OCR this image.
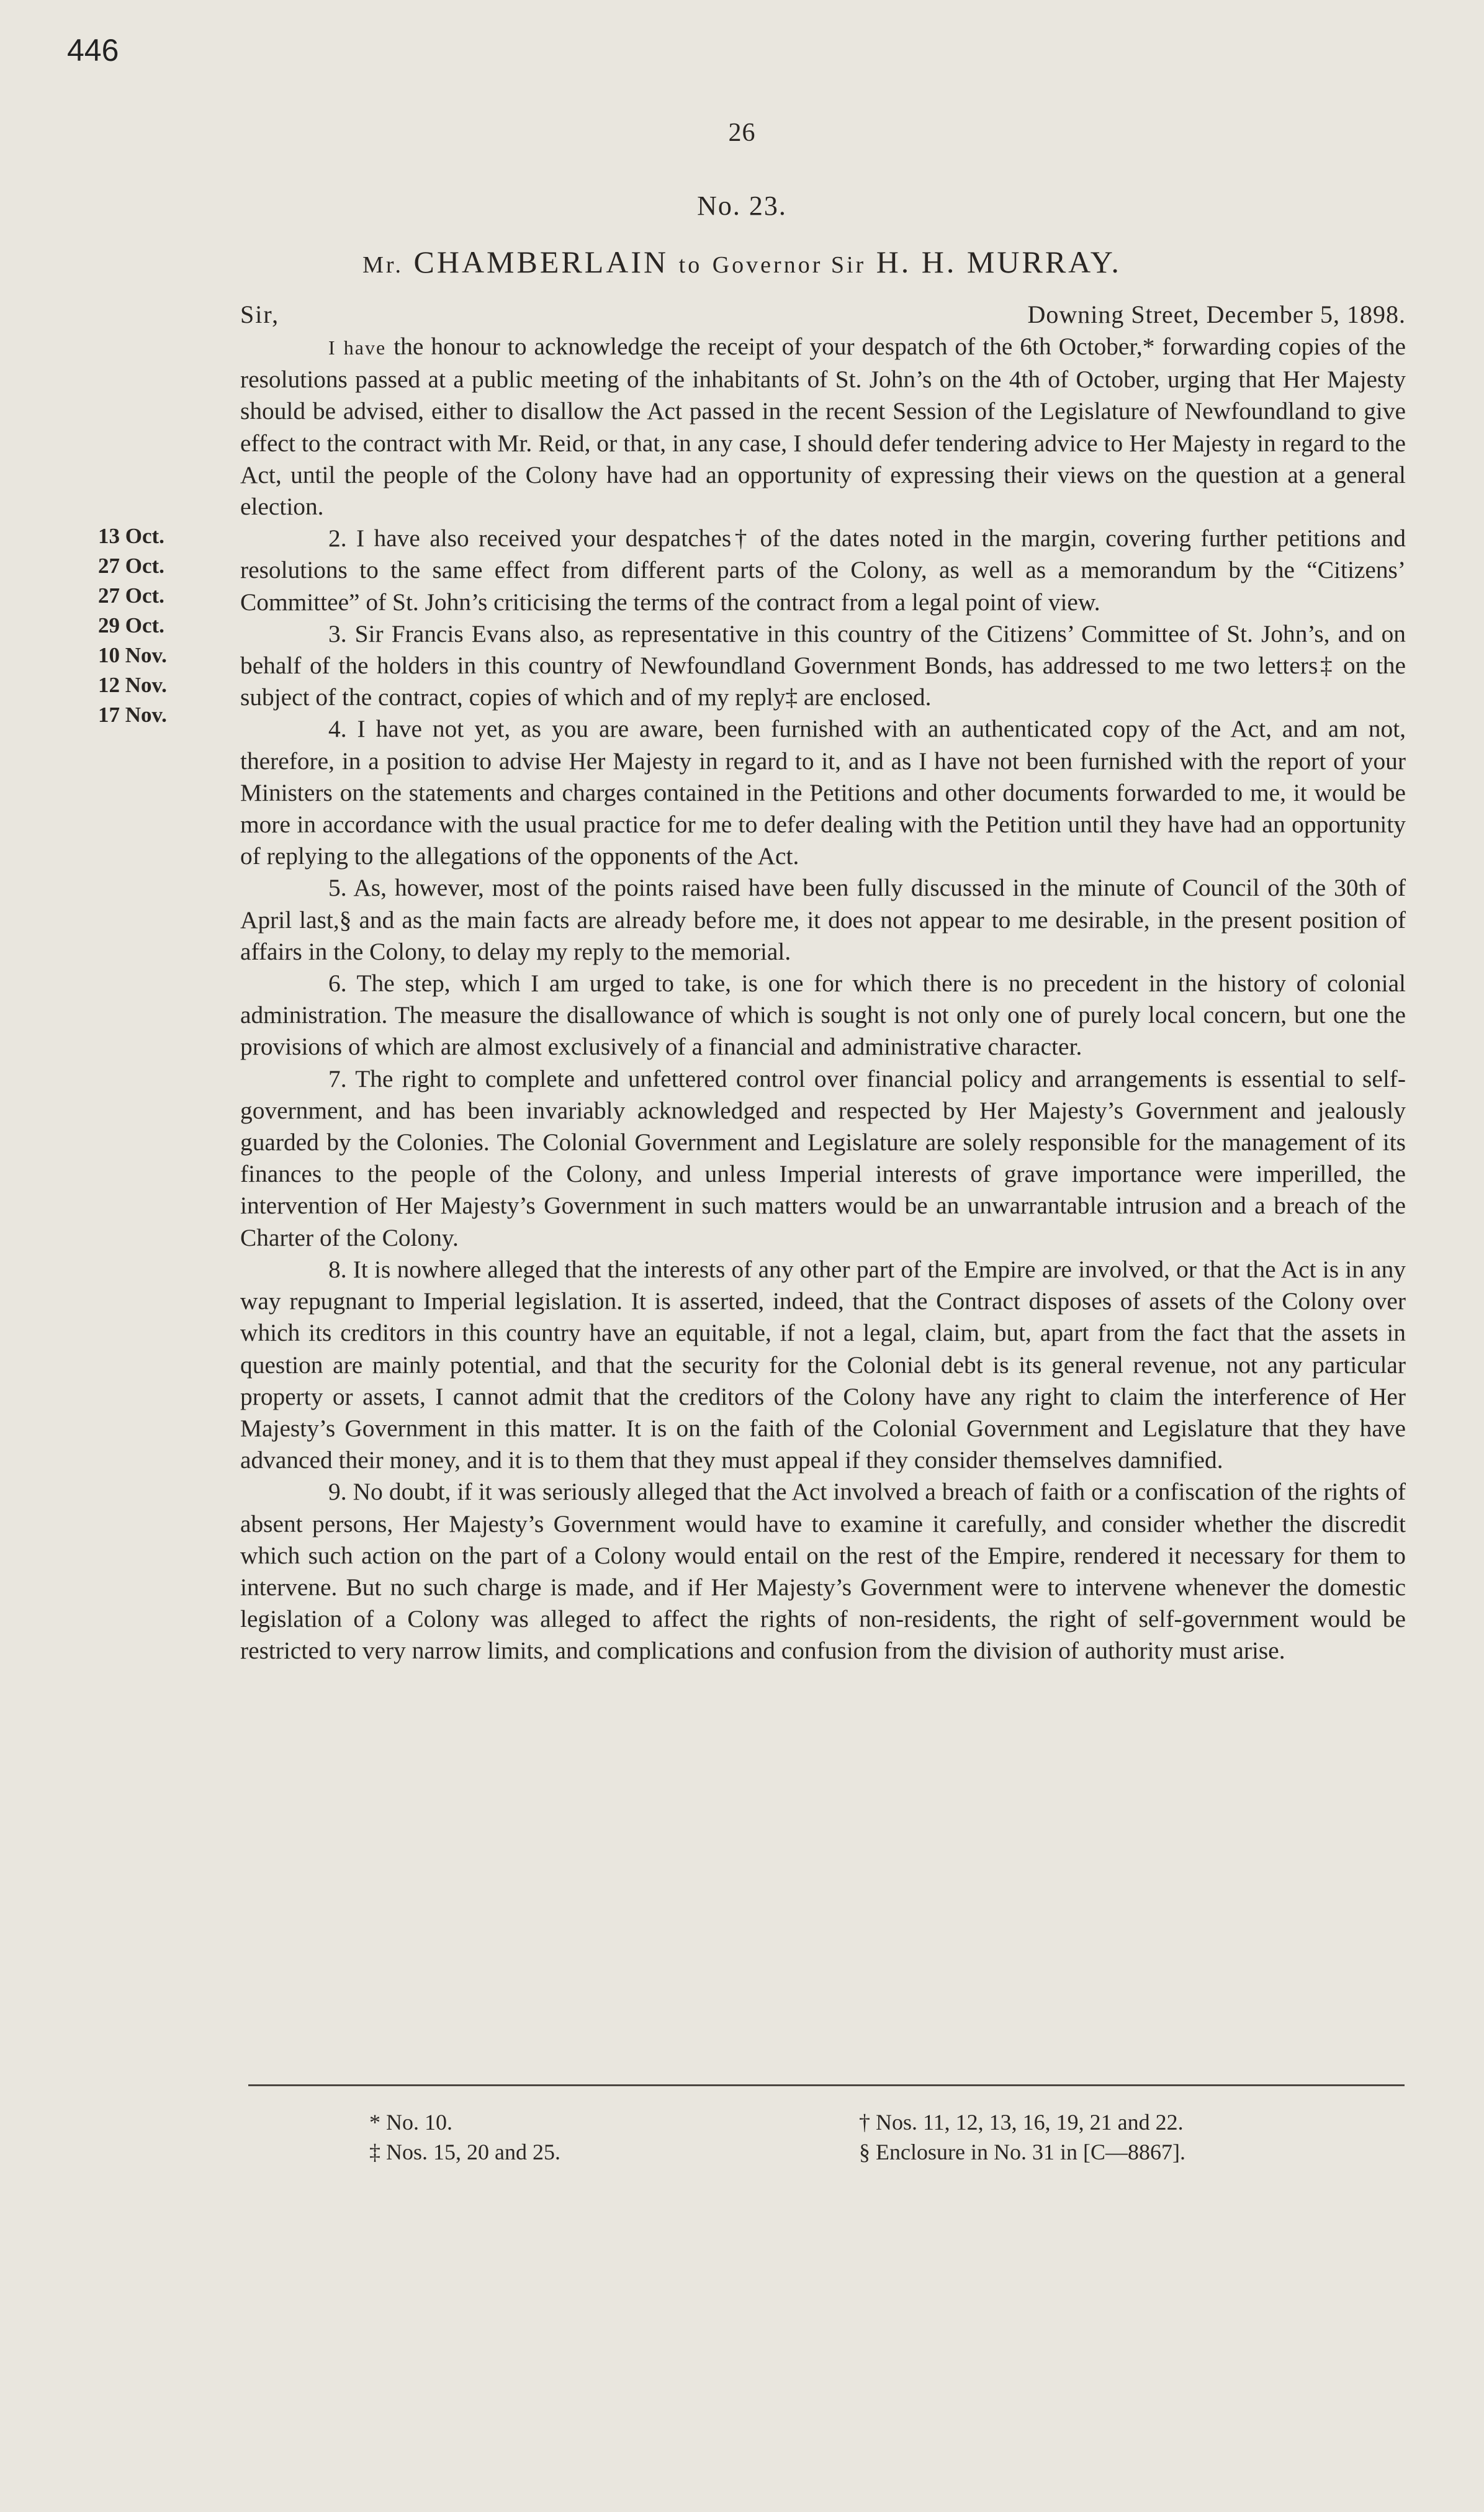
446
26
No. 23.
Mr. CHAMBERLAIN to Governor Sir H. H. MURRAY.
Sir,	Downing Street, December 5, 1898.
13 Oct.
27 Oct.
27 Oct.
29 Oct.
10 Nov.
12 Nov.
17 Nov.

I have the honour to acknowledge the receipt of your despatch of the 6th October,* forwarding copies of the resolutions passed at a public meeting of the inhabitants of St. John’s on the 4th of October, urging that Her Majesty should be advised, either to disallow the Act passed in the recent Session of the Legislature of Newfoundland to give effect to the contract with Mr. Reid, or that, in any case, I should defer tendering advice to Her Majesty in regard to the Act, until the people of the Colony have had an opportunity of expressing their views on the question at a general election.

2. I have also received your despatches† of the dates noted in the margin, covering further petitions and resolutions to the same effect from different parts of the Colony, as well as a memorandum by the “Citizens’ Committee” of St. John’s criticising the terms of the contract from a legal point of view.

3. Sir Francis Evans also, as representative in this country of the Citizens’ Committee of St. John’s, and on behalf of the holders in this country of Newfoundland Government Bonds, has addressed to me two letters‡ on the subject of the contract, copies of which and of my reply‡ are enclosed.

4. I have not yet, as you are aware, been furnished with an authenticated copy of the Act, and am not, therefore, in a position to advise Her Majesty in regard to it, and as I have not been furnished with the report of your Ministers on the statements and charges contained in the Petitions and other documents forwarded to me, it would be more in accordance with the usual practice for me to defer dealing with the Petition until they have had an opportunity of replying to the allegations of the opponents of the Act.

5. As, however, most of the points raised have been fully discussed in the minute of Council of the 30th of April last,§ and as the main facts are already before me, it does not appear to me desirable, in the present position of affairs in the Colony, to delay my reply to the memorial.

6. The step, which I am urged to take, is one for which there is no precedent in the history of colonial administration. The measure the disallowance of which is sought is not only one of purely local concern, but one the provisions of which are almost exclusively of a financial and administrative character.

7. The right to complete and unfettered control over financial policy and arrangements is essential to self-government, and has been invariably acknowledged and respected by Her Majesty’s Government and jealously guarded by the Colonies. The Colonial Government and Legislature are solely responsible for the management of its finances to the people of the Colony, and unless Imperial interests of grave importance were imperilled, the intervention of Her Majesty’s Government in such matters would be an unwarrantable intrusion and a breach of the Charter of the Colony.

8. It is nowhere alleged that the interests of any other part of the Empire are involved, or that the Act is in any way repugnant to Imperial legislation. It is asserted, indeed, that the Contract disposes of assets of the Colony over which its creditors in this country have an equitable, if not a legal, claim, but, apart from the fact that the assets in question are mainly potential, and that the security for the Colonial debt is its general revenue, not any particular property or assets, I cannot admit that the creditors of the Colony have any right to claim the interference of Her Majesty’s Government in this matter. It is on the faith of the Colonial Government and Legislature that they have advanced their money, and it is to them that they must appeal if they consider themselves damnified.

9. No doubt, if it was seriously alleged that the Act involved a breach of faith or a confiscation of the rights of absent persons, Her Majesty’s Government would have to examine it carefully, and consider whether the discredit which such action on the part of a Colony would entail on the rest of the Empire, rendered it necessary for them to intervene. But no such charge is made, and if Her Majesty’s Government were to intervene whenever the domestic legislation of a Colony was alleged to affect the rights of non-residents, the right of self-government would be restricted to very narrow limits, and complications and confusion from the division of authority must arise.

* No. 10.
‡ Nos. 15, 20 and 25.
† Nos. 11, 12, 13, 16, 19, 21 and 22.
§ Enclosure in No. 31 in [C—8867].
